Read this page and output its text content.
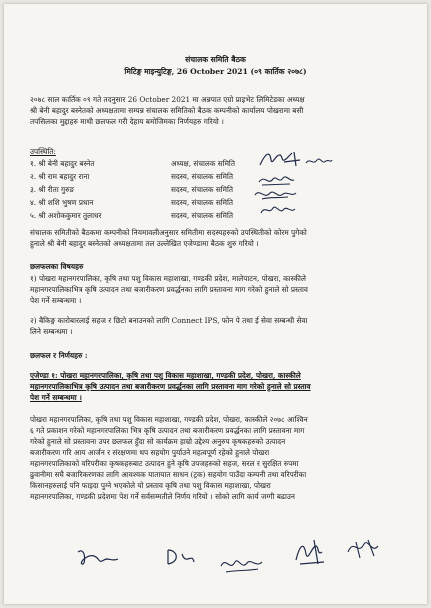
संचालक समिति बैठक
मिटिङ्ग माइन्युटिङ्ग, 26 October 2021 (०९ कार्तिक २०७८)
२०७८ साल कार्तिक ०९ गते तदनुसार 26 October 2021 मा अन्नपात एग्रो प्राइभेट लिमिटेडका अध्यक्ष
श्री बेनी बहादुर बस्नेतको अध्यक्षतामा सम्पन्न संचालक समितिको बैठक कम्पनीको कार्यालय पोखरामा बसी
तपसिलका मुद्दाहरु माथी छलफल गरी देहाय बमोजिमका निर्णयहरु गरियो ।
उपस्थिति:
१. श्री बेनी बहादुर बस्नेत	अध्यक्ष, संचालक समिति
२. श्री राम बहादुर राना	सदस्य, संचालक समिति
३. श्री रीता गुरुङ	सदस्य, संचालक समिति
४. श्री शशि भुषण प्रधान	सदस्य, संचालक समिति
५. श्री अशोककुमार तुलाधर	सदस्य, संचालक समिति
संचालक समितीको बैठकमा कम्पनीको नियमावलीअनुसार समितीमा सदस्यहरुको उपस्थितीको कोरम पुगेको
हुनाले श्री बेनी बहादुर बस्नेतको अध्यक्षतामा तल उल्लेखित एजेण्डामा बैठक शुरु गरियो ।
छलफलका विषयहरु
१) पोखरा महानगरपालिका, कृषि तथा पशु विकास महाशाखा, गण्डकी प्रदेश, मालेपाटन, पोखरा, कास्कीले
महानगरपालिकाभित्र कृषि उत्पादन तथा बजारीकरण प्रवर्द्धनका लागि प्रस्तावना माग गरेको हुनाले सो प्रस्ताव
पेश गर्ने सम्बन्धमा ।
२) बैकिङ्ग कारोबारलाई सहज र छिटो बनाउनको लागि Connect IPS, फोन पे तथा ई सेवा सम्बन्धी सेवा
लिने सम्बन्धमा ।
छलफल र निर्णयहरु :
एजेण्डा १: पोखरा महानगरपालिका, कृषि तथा पशु विकास महाशाखा, गण्डकी प्रदेश, पोखरा, कास्कीले
महानगरपालिकाभित्र कृषि उत्पादन तथा बजारीकरण प्रवर्द्धनका लागि प्रस्तावना माग गरेको हुनाले सो प्रस्ताव
पेश गर्ने सम्बन्धमा ।
पोखरा महानगरपालिका, कृषि तथा पशु विकास महाशाखा, गण्डकी प्रदेश, पोखरा, कास्कीले २०७८ आश्विन
६ गते प्रकाशन गरेको महानगरपालिका भित्र कृषि उत्पादन तथा बजारीकरण प्रवर्द्धनका लागि प्रस्तावना माग
गरेको हुनाले सो प्रस्तावना उपर छलफल हुँदा सो कार्यक्रम हाम्रो उद्देश्य अनुरुप कृषकहरुको उत्पादन
बजारीकरण गरि आय आर्जन र संरक्षणमा थप सहयोग पुर्याउने महत्वपूर्ण रहेको हुनाले पोखरा
महानगरपालिकाको वरिपरीका कृषकहरुबाट उत्पादन हुने कृषि उपजहरुको सहज, सरल र सुरक्षित रुपमा
ढुवानीमा सघै बजारिकरणका लागि आवश्यक यातायात साधन (ट्रक) सहयोग पाउँदा कम्पनी तथा वरिपरीका
किसानहरुलाई पनि फाइदा पुग्ने भएकोले यो प्रस्ताव कृषि तथा पशु विकास महाशाखा, पोखरा
महानगरपालिका, गण्डकी प्रदेशमा पेश गर्ने सर्वसम्मतीले निर्णय गरियो । सोको लागि कार्य जग्गी बढाउन
